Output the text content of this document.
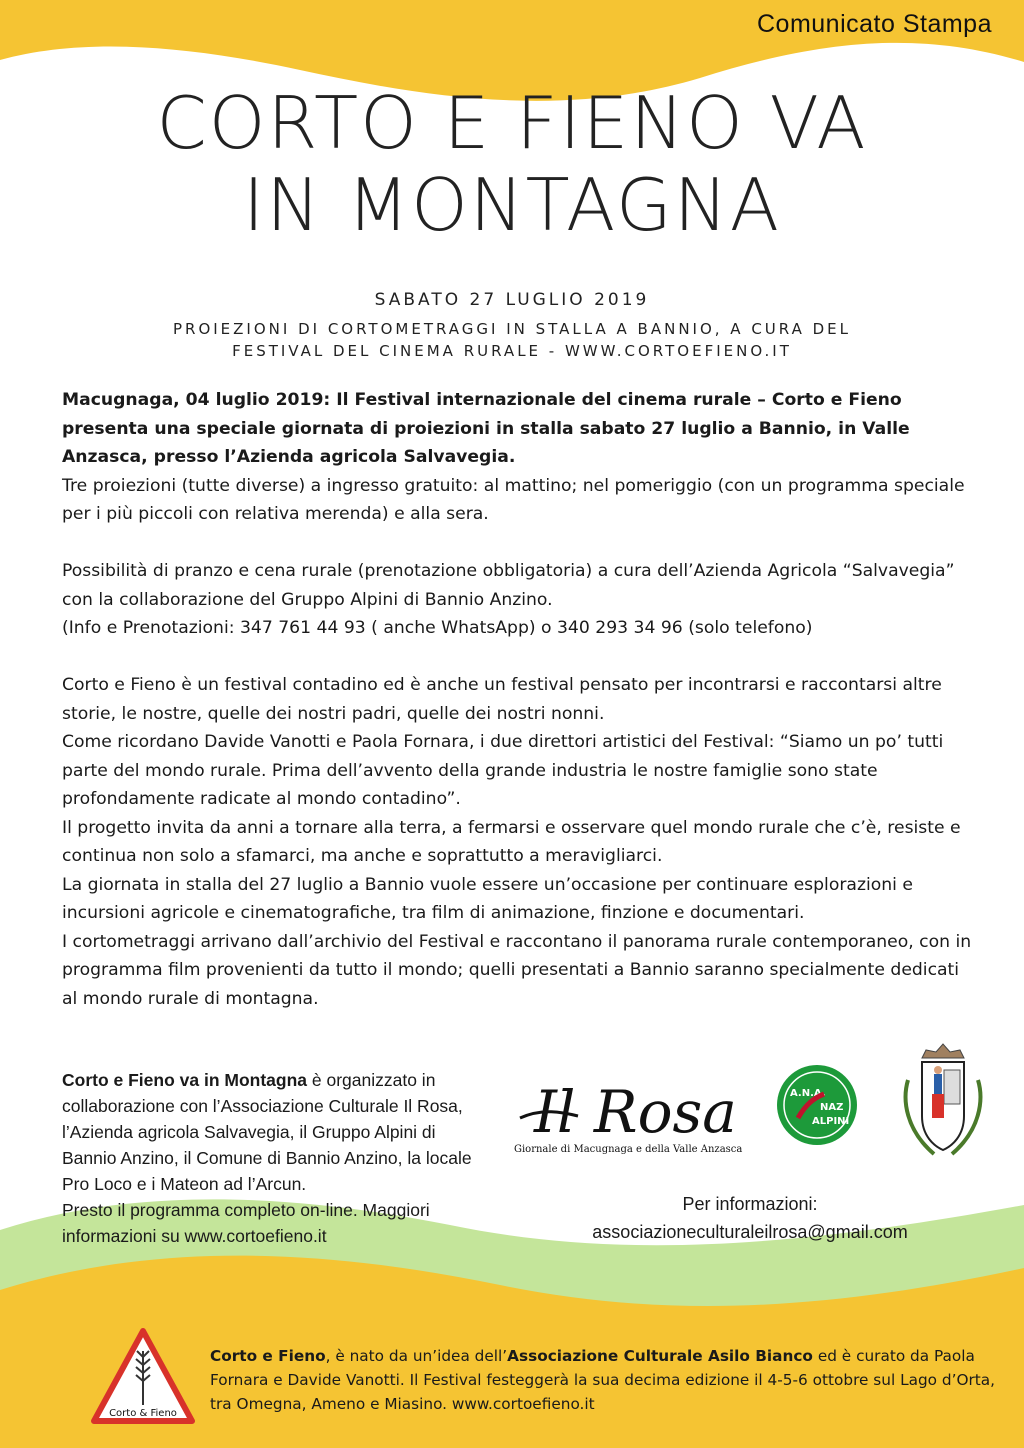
Comunicato Stampa
CORTO E FIENO VA
IN MONTAGNA
SABATO 27 LUGLIO 2019
PROIEZIONI DI CORTOMETRAGGI IN STALLA A BANNIO, A CURA DEL
FESTIVAL DEL CINEMA RURALE - WWW.CORTOEFIENO.IT

Macugnaga, 04 luglio 2019: Il Festival internazionale del cinema rurale – Corto e Fieno presenta una speciale giornata di proiezioni in stalla sabato 27 luglio a Bannio, in Valle Anzasca, presso l’Azienda agricola Salvavegia.

Tre proiezioni (tutte diverse) a ingresso gratuito: al mattino; nel pomeriggio (con un programma speciale per i più piccoli con relativa merenda) e alla sera.

Possibilità di pranzo e cena rurale (prenotazione obbligatoria) a cura dell’Azienda Agricola “Salvavegia” con la collaborazione del Gruppo Alpini di Bannio Anzino.

(Info e Prenotazioni: 347 761 44 93 ( anche WhatsApp) o 340 293 34 96 (solo telefono)

Corto e Fieno è un festival contadino ed è anche un festival pensato per incontrarsi e raccontarsi altre storie, le nostre, quelle dei nostri padri, quelle dei nostri nonni.

Come ricordano Davide Vanotti e Paola Fornara, i due direttori artistici del Festival: “Siamo un po’ tutti parte del mondo rurale. Prima dell’avvento della grande industria le nostre famiglie sono state profondamente radicate al mondo contadino”.

Il progetto invita da anni a tornare alla terra, a fermarsi e osservare quel mondo rurale che c’è, resiste e continua non solo a sfamarci, ma anche e soprattutto a meravigliarci.

La giornata in stalla del 27 luglio a Bannio vuole essere un’occasione per continuare esplorazioni e incursioni agricole e cinematografiche, tra film di animazione, finzione e documentari.

I cortometraggi arrivano dall’archivio del Festival e raccontano il panorama rurale contemporaneo, con in programma film provenienti da tutto il mondo; quelli presentati a Bannio saranno specialmente dedicati al mondo rurale di montagna.

Corto e Fieno va in Montagna è organizzato in collaborazione con l’Associazione Culturale Il Rosa, l’Azienda agricola Salvavegia, il Gruppo Alpini di Bannio Anzino, il Comune di Bannio Anzino, la locale Pro Loco e i Mateon ad l’Arcun.
Presto il programma completo on-line. Maggiori informazioni su www.cortoefieno.it
Il Rosa
Giornale di Macugnaga e della Valle Anzasca
A.N.A.
NAZ
ALPINI
Per informazioni:
associazioneculturaleilrosa@gmail.com
Corto & Fieno
Corto e Fieno, è nato da un’idea dell’Associazione Culturale Asilo Bianco ed è curato da Paola Fornara e Davide Vanotti. Il Festival festeggerà la sua decima edizione il 4-5-6 ottobre sul Lago d’Orta, tra Omegna, Ameno e Miasino. www.cortoefieno.it
